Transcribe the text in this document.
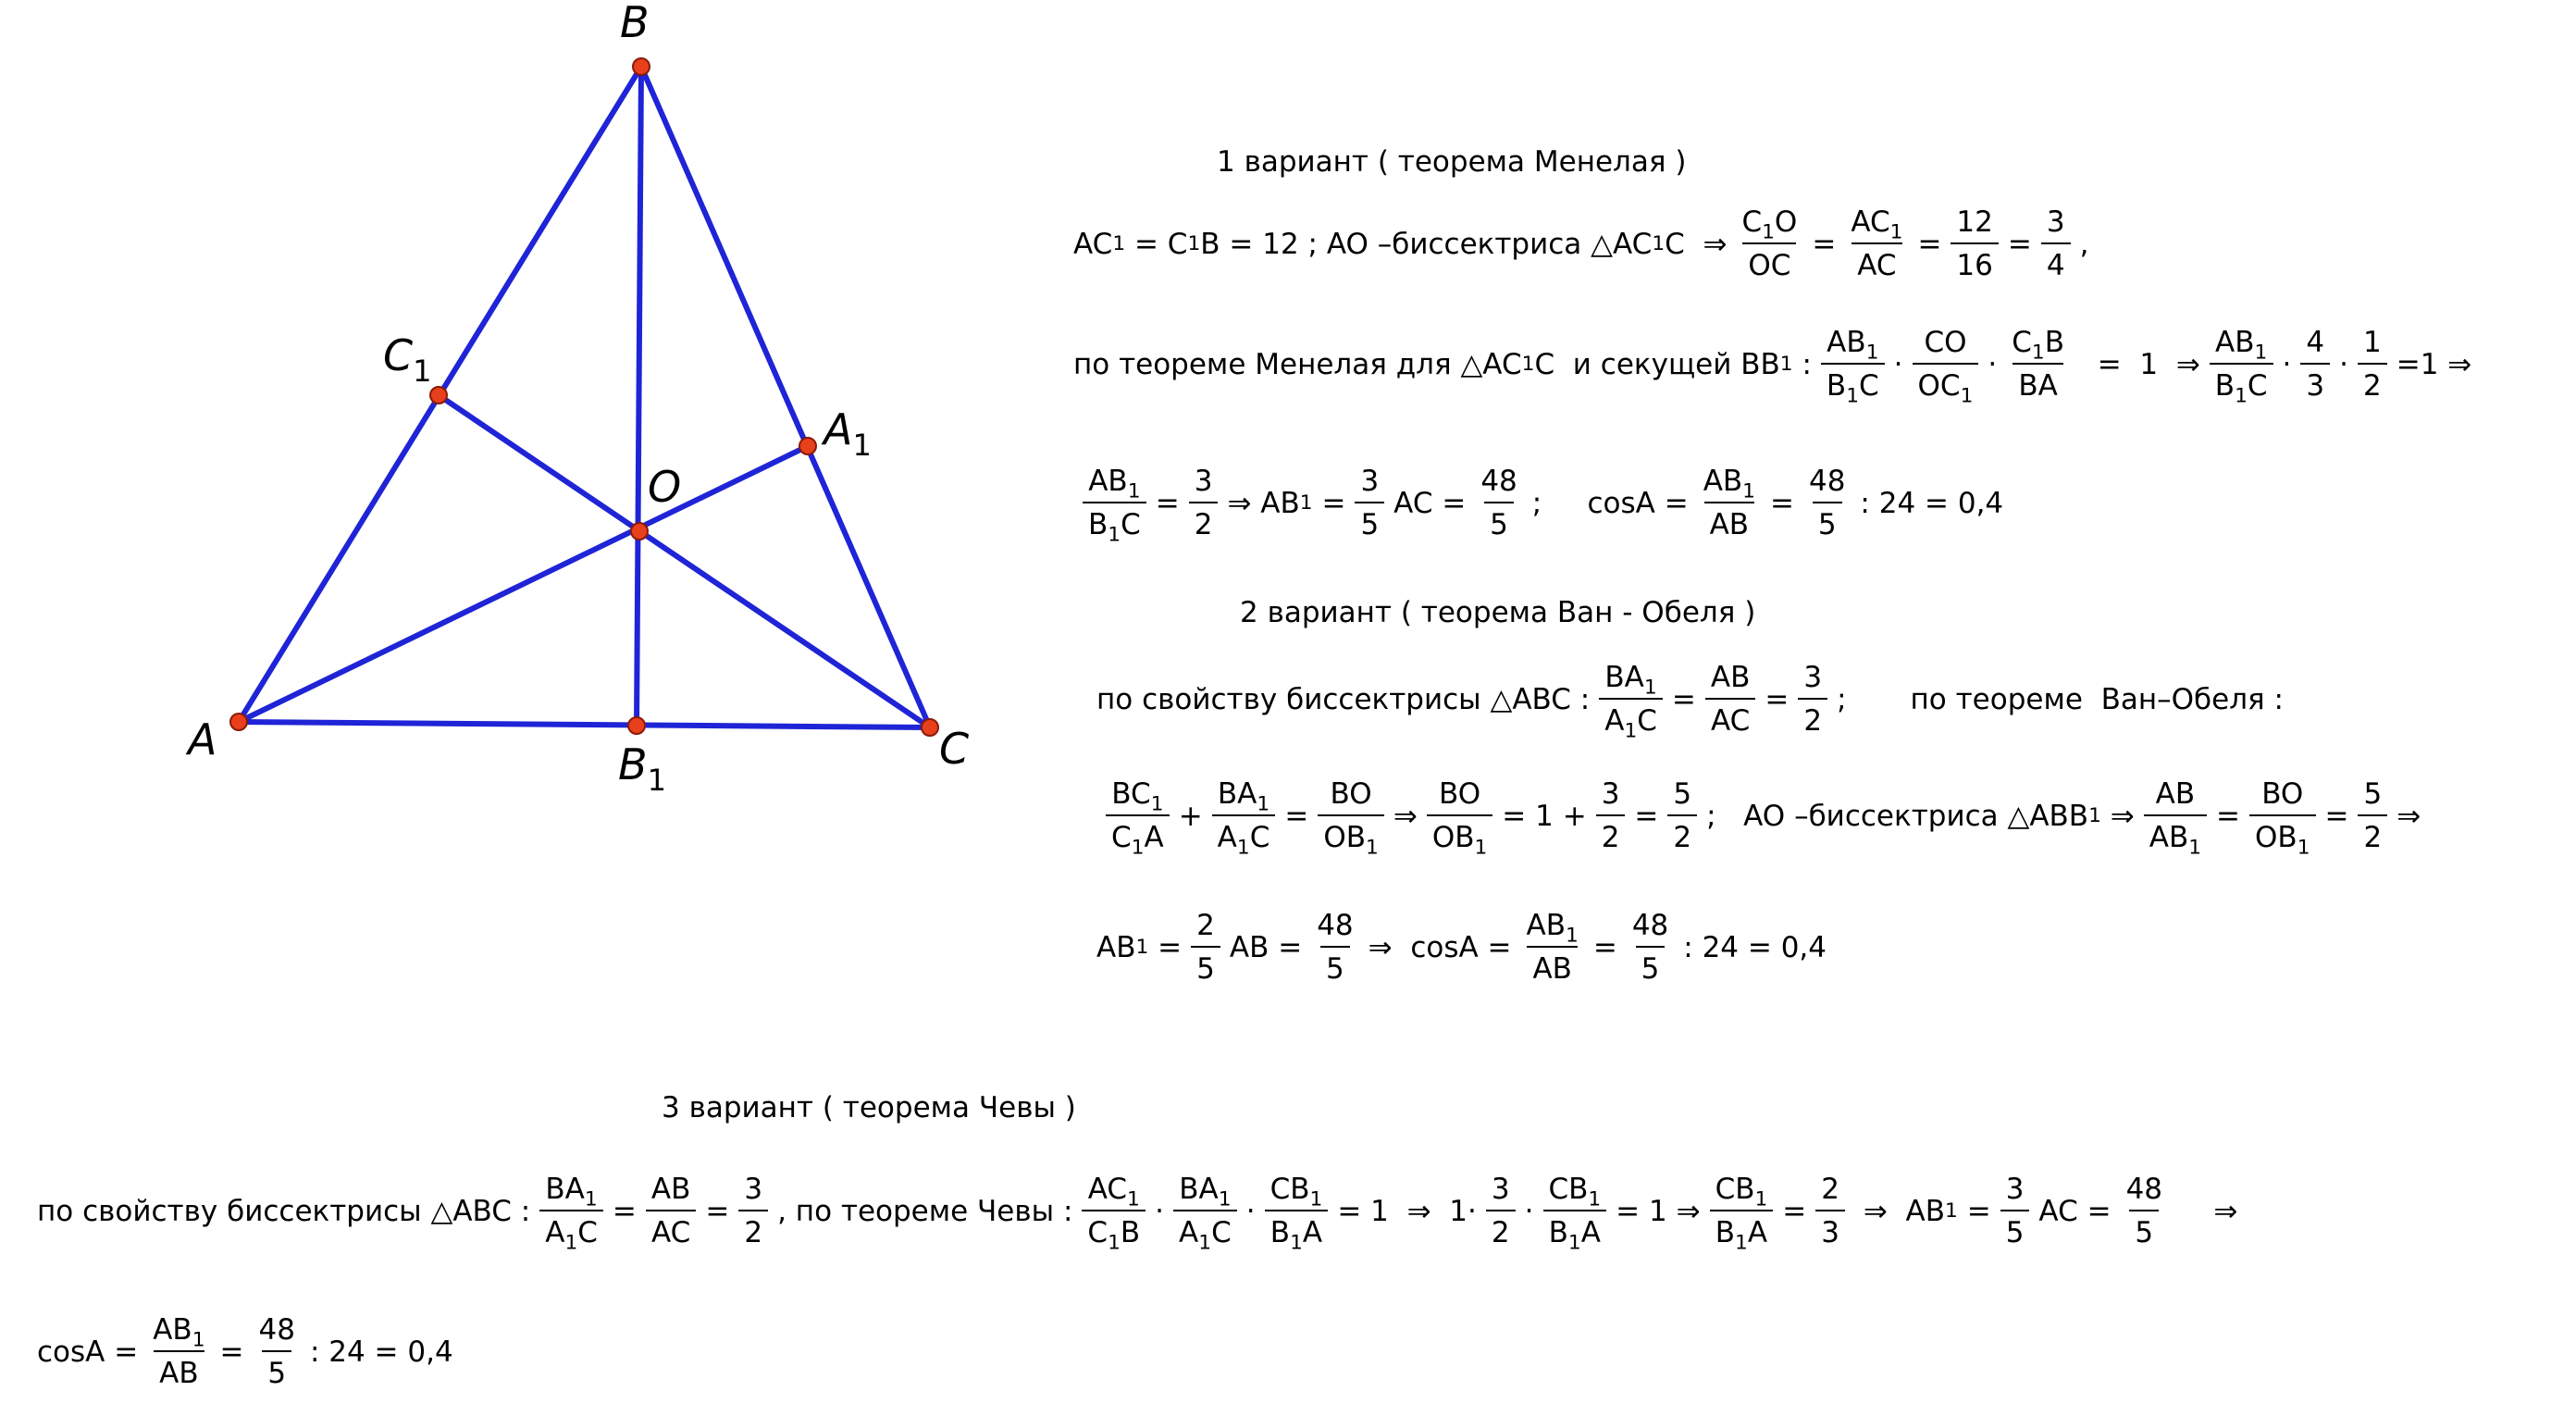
A
B
C
$A_1$
$B_1$
$C_1$
O
1 вариант ( теорема Менелая )
AC 1 = C 1 B = 12 ; AO –биссектриса △AC 1 C  ⇒ $\frac{C_1O}{OC} = \frac{AC_1}{AC} = \frac{12}{16} = \frac{3}{4}$ ,
по теореме Менелая для △AC 1 C  и секущей BB 1 : $\frac{AB_1}{B_1C} \cdot \frac{CO}{OC_1} \cdot \frac{C_1B}{BA} = 1$  ⇒ $\frac{AB_1}{B_1C} \cdot \frac{4}{3} \cdot \frac{1}{2} =1$ ⇒
$\frac{AB_1}{B_1C} = \frac{3}{2}$ ⇒ AB $1 = \frac{3}{5}$ AC = $\frac{48}{5}$ ;     $\cos A = \frac{AB_1}{AB} = \frac{48}{5}$ : 24 = 0,4
2 вариант ( теорема Ван - Обеля )
по свойству биссектрисы △ABC : $\frac{BA_1}{A_1C} = \frac{AB}{AC} = \frac{3}{2}$ ;       по теореме  Ван–Обеля :
$\frac{BC_1}{C_1A} + \frac{BA_1}{A_1C} = \frac{BO}{OB_1}$ ⇒ $\frac{BO}{OB_1} = 1 + \frac{3}{2} = \frac{5}{2}$ ;   AO –биссектриса △ABB 1 ⇒ $\frac{AB}{AB_1} = \frac{BO}{OB_1} = \frac{5}{2}$ ⇒
AB $1 = \frac{2}{5}$ AB = $\frac{48}{5}$ ⇒  $\cos A = \frac{AB_1}{AB} = \frac{48}{5}$ : 24 = 0,4
3 вариант ( теорема Чевы )
по свойству биссектрисы △ABC : $\frac{BA_1}{A_1C} = \frac{AB}{AC} = \frac{3}{2}$ , по теореме Чевы : $\frac{AC_1}{C_1B} \cdot \frac{BA_1}{A_1C} \cdot \frac{CB_1}{B_1A} = 1$  ⇒  $1\cdot \frac{3}{2} \cdot \frac{CB_1}{B_1A} = 1$ ⇒ $\frac{CB_1}{B_1A} = \frac{2}{3}$ ⇒  AB $1 = \frac{3}{5}$ AC = $\frac{48}{5}$ ⇒
$\cos A = \frac{AB_1}{AB} = \frac{48}{5}$ : 24 = 0,4
